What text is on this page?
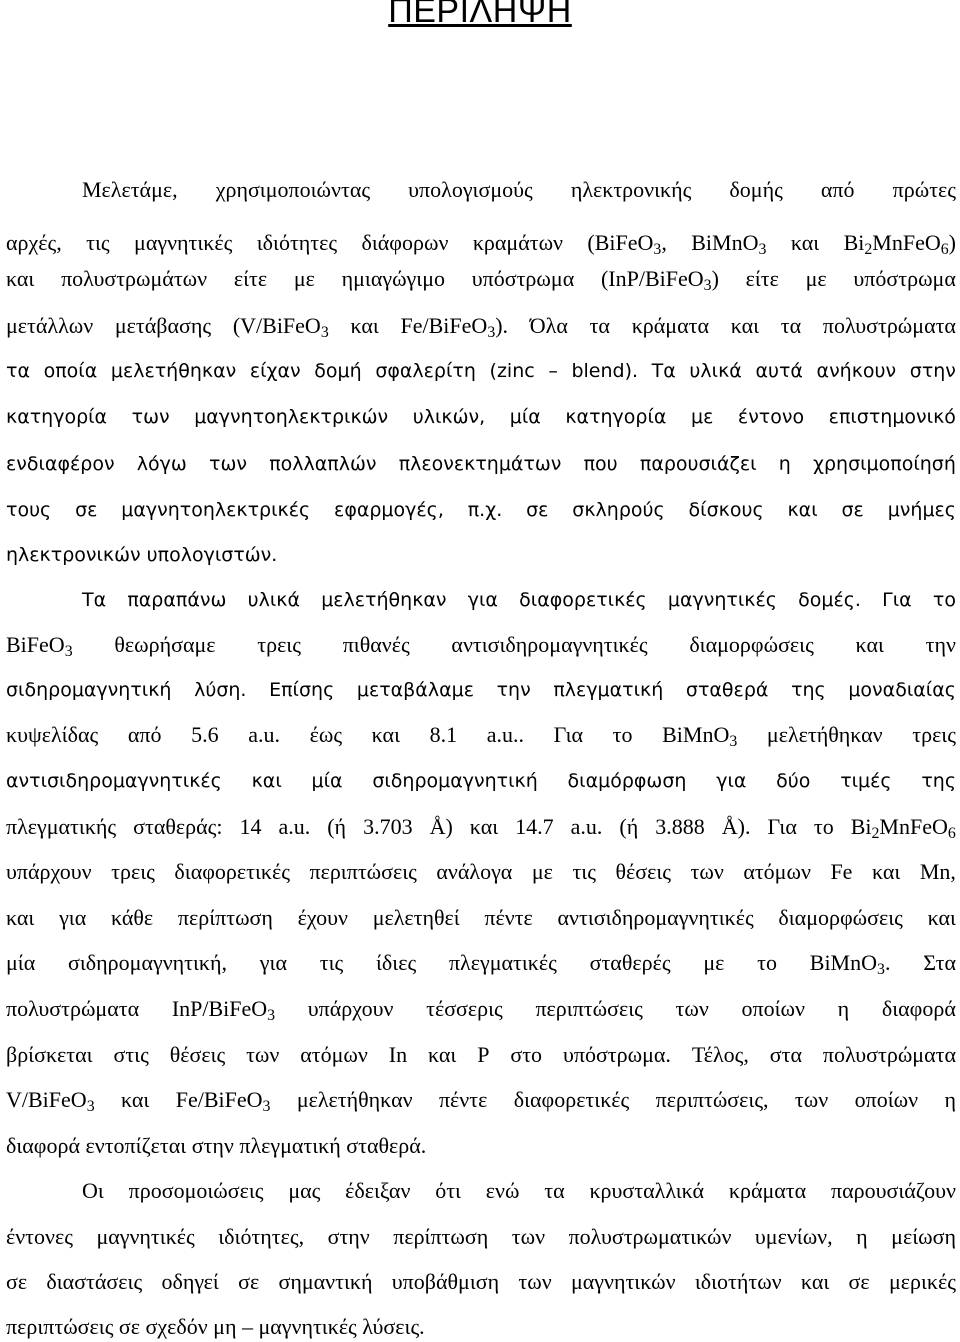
ΠΕΡΙΛΗΨΗ
Μελετάμε, χρησιμοποιώντας υπολογισμούς ηλεκτρονικής δομής από πρώτες
αρχές, τις μαγνητικές ιδιότητες διάφορων κραμάτων (BiFeO$_3$, BiMnO$_3$ και $Bi_2MnFeO_6$)
και πολυστρωμάτων είτε με ημιαγώγιμο υπόστρωμα (InP/BiFeO$_3$) είτε με υπόστρωμα
μετάλλων μετάβασης (V/BiFeO$_3$ και Fe/BiFeO$_3$). Όλα τα κράματα και τα πολυστρώματα
τα οποία μελετήθηκαν είχαν δομή σφαλερίτη (zinc – blend). Τα υλικά αυτά ανήκουν στην
κατηγορία των μαγνητοηλεκτρικών υλικών, μία κατηγορία με έντονο επιστημονικό
ενδιαφέρον λόγω των πολλαπλών πλεονεκτημάτων που παρουσιάζει η χρησιμοποίησή
τους σε μαγνητοηλεκτρικές εφαρμογές, π.χ. σε σκληρούς δίσκους και σε μνήμες
ηλεκτρονικών υπολογιστών.
Τα παραπάνω υλικά μελετήθηκαν για διαφορετικές μαγνητικές δομές. Για το
BiFeO$_3$ θεωρήσαμε τρεις πιθανές αντισιδηρομαγνητικές διαμορφώσεις και την
σιδηρομαγνητική λύση. Επίσης μεταβάλαμε την πλεγματική σταθερά της μοναδιαίας
κυψελίδας από 5.6 a.u. έως και 8.1 a.u.. Για το BiMnO$_3$ μελετήθηκαν τρεις
αντισιδηρομαγνητικές και μία σιδηρομαγνητική διαμόρφωση για δύο τιμές της
πλεγματικής σταθεράς: 14 a.u. (ή 3.703 Å) και 14.7 a.u. (ή 3.888 Å). Για το $Bi_2MnFeO_6$
υπάρχουν τρεις διαφορετικές περιπτώσεις ανάλογα με τις θέσεις των ατόμων Fe και Mn,
και για κάθε περίπτωση έχουν μελετηθεί πέντε αντισιδηρομαγνητικές διαμορφώσεις και
μία σιδηρομαγνητική, για τις ίδιες πλεγματικές σταθερές με το BiMnO$_3$. Στα
πολυστρώματα InP/BiFeO$_3$ υπάρχουν τέσσερις περιπτώσεις των οποίων η διαφορά
βρίσκεται στις θέσεις των ατόμων In και P στο υπόστρωμα. Τέλος, στα πολυστρώματα
V/BiFeO$_3$ και Fe/BiFeO$_3$ μελετήθηκαν πέντε διαφορετικές περιπτώσεις, των οποίων η
διαφορά εντοπίζεται στην πλεγματική σταθερά.
Οι προσομοιώσεις μας έδειξαν ότι ενώ τα κρυσταλλικά κράματα παρουσιάζουν
έντονες μαγνητικές ιδιότητες, στην περίπτωση των πολυστρωματικών υμενίων, η μείωση
σε διαστάσεις οδηγεί σε σημαντική υποβάθμιση των μαγνητικών ιδιοτήτων και σε μερικές
περιπτώσεις σε σχεδόν μη – μαγνητικές λύσεις.
